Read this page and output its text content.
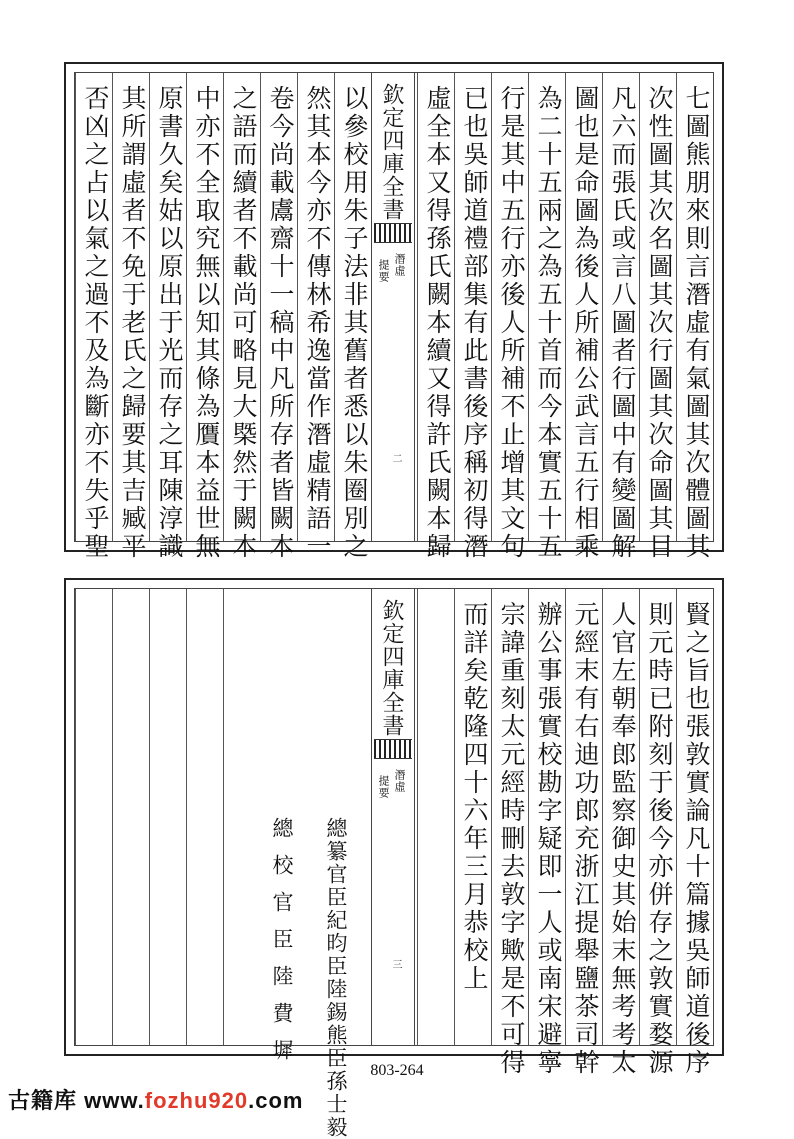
欽定四庫全書
潛虛
提要
二	七圖熊朋來則言潛虛有氣圖其次體圖其
次性圖其次名圖其次行圖其次命圖其目
凡六而張氏或言八圖者行圖中有變圖解
圖也是命圖為後人所補公武言五行相乘
為二十五兩之為五十首而今本實五十五
行是其中五行亦後人所補不止增其文句
已也吳師道禮部集有此書後序稱初得潛
虛全本又得孫氏闕本續又得許氏闕本歸
以參校用朱子法非其舊者悉以朱圈別之
然其本今亦不傳林希逸當作潛虛精語一
卷今尚載鬳齋十一稿中凡所存者皆闕本
之語而續者不載尚可略見大槩然于闕本
中亦不全取究無以知其條為贋本益世無
原書久矣姑以原出于光而存之耳陳淳識
其所謂虛者不免于老氏之歸要其吉臧平
否凶之占以氣之過不及為斷亦不失乎聖
欽定四庫全書
潛虛
提要
三
總纂官臣紀昀臣陸錫熊臣孫士毅
總校官臣陸費墀	賢之旨也張敦實論凡十篇據吳師道後序
則元時已附刻于後今亦併存之敦實婺源
人官左朝奉郎監察御史其始末無考考太
元經末有右迪功郎充浙江提舉鹽茶司幹
辦公事張實校勘字疑即一人或南宋避寧
宗諱重刻太元經時刪去敦字歟是不可得
而詳矣乾隆四十六年三月恭校上
803-264
古籍库 www.fozhu920.com
